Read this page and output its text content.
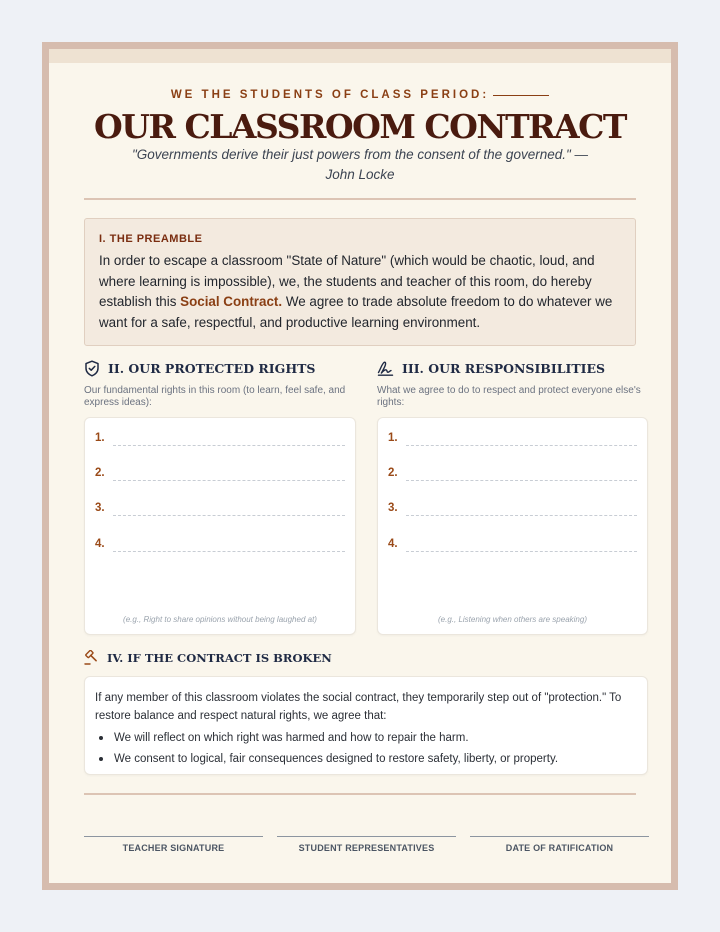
WE THE STUDENTS OF CLASS PERIOD:
OUR CLASSROOM CONTRACT
"Governments derive their just powers from the consent of the governed." —
John Locke
I. THE PREAMBLE

In order to escape a classroom "State of Nature" (which would be chaotic, loud, and where learning is impossible), we, the students and teacher of this room, do hereby establish this Social Contract. We agree to trade absolute freedom to do whatever we want for a safe, respectful, and productive learning environment.

II. OUR PROTECTED RIGHTS
Our fundamental rights in this room (to learn, feel safe, and express ideas):
1.
2.
3.
4.
(e.g., Right to share opinions without being laughed at)
III. OUR RESPONSIBILITIES
What we agree to do to respect and protect everyone else's rights:
1.
2.
3.
4.
(e.g., Listening when others are speaking)
IV. IF THE CONTRACT IS BROKEN
If any member of this classroom violates the social contract, they temporarily step out of "protection." To restore balance and respect natural rights, we agree that:
We will reflect on which right was harmed and how to repair the harm.
We consent to logical, fair consequences designed to restore safety, liberty, or property.
TEACHER SIGNATURE	STUDENT REPRESENTATIVES	DATE OF RATIFICATION
